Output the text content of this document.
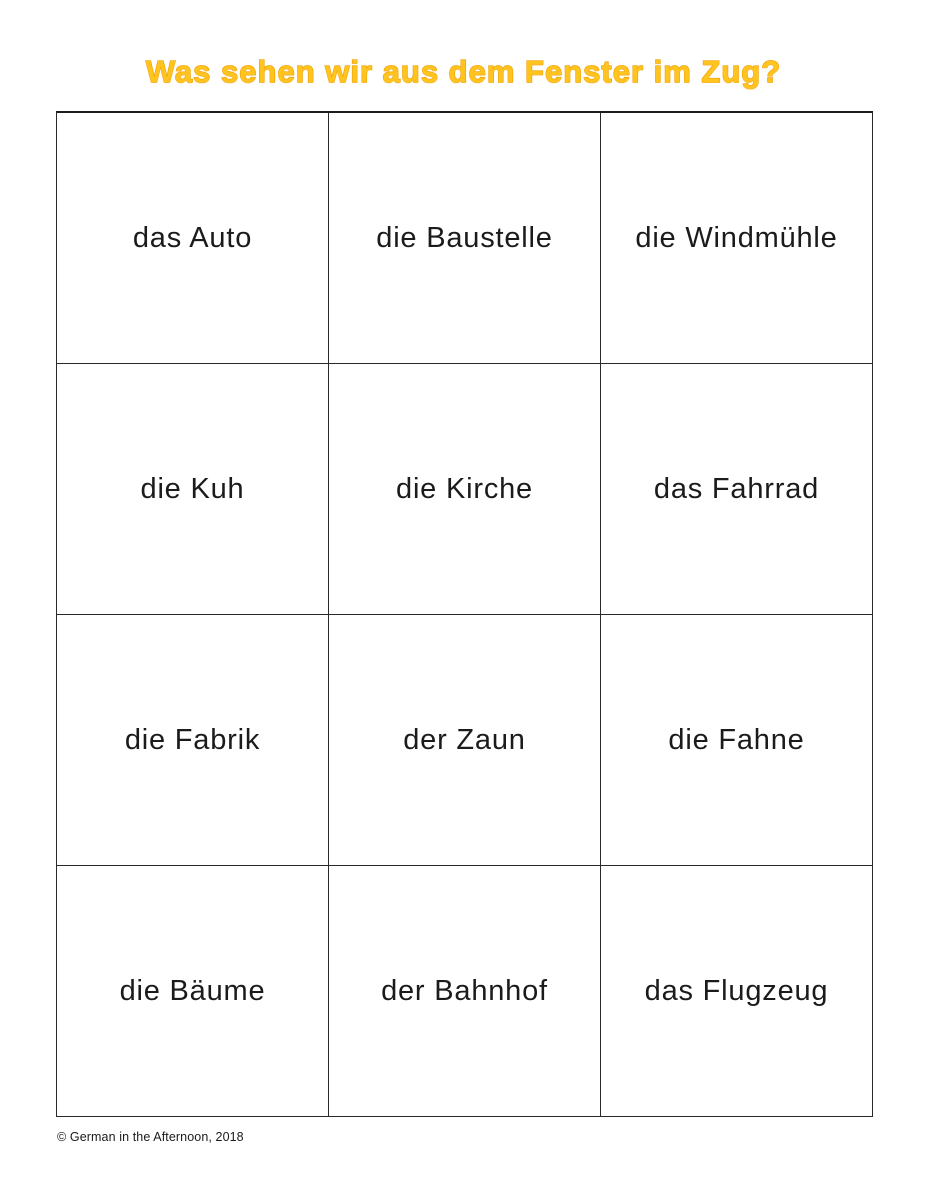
Was sehen wir aus dem Fenster im Zug?
das Auto	die Baustelle	die Windmühle
die Kuh	die Kirche	das Fahrrad
die Fabrik	der Zaun	die Fahne
die Bäume	der Bahnhof	das Flugzeug
© German in the Afternoon, 2018
